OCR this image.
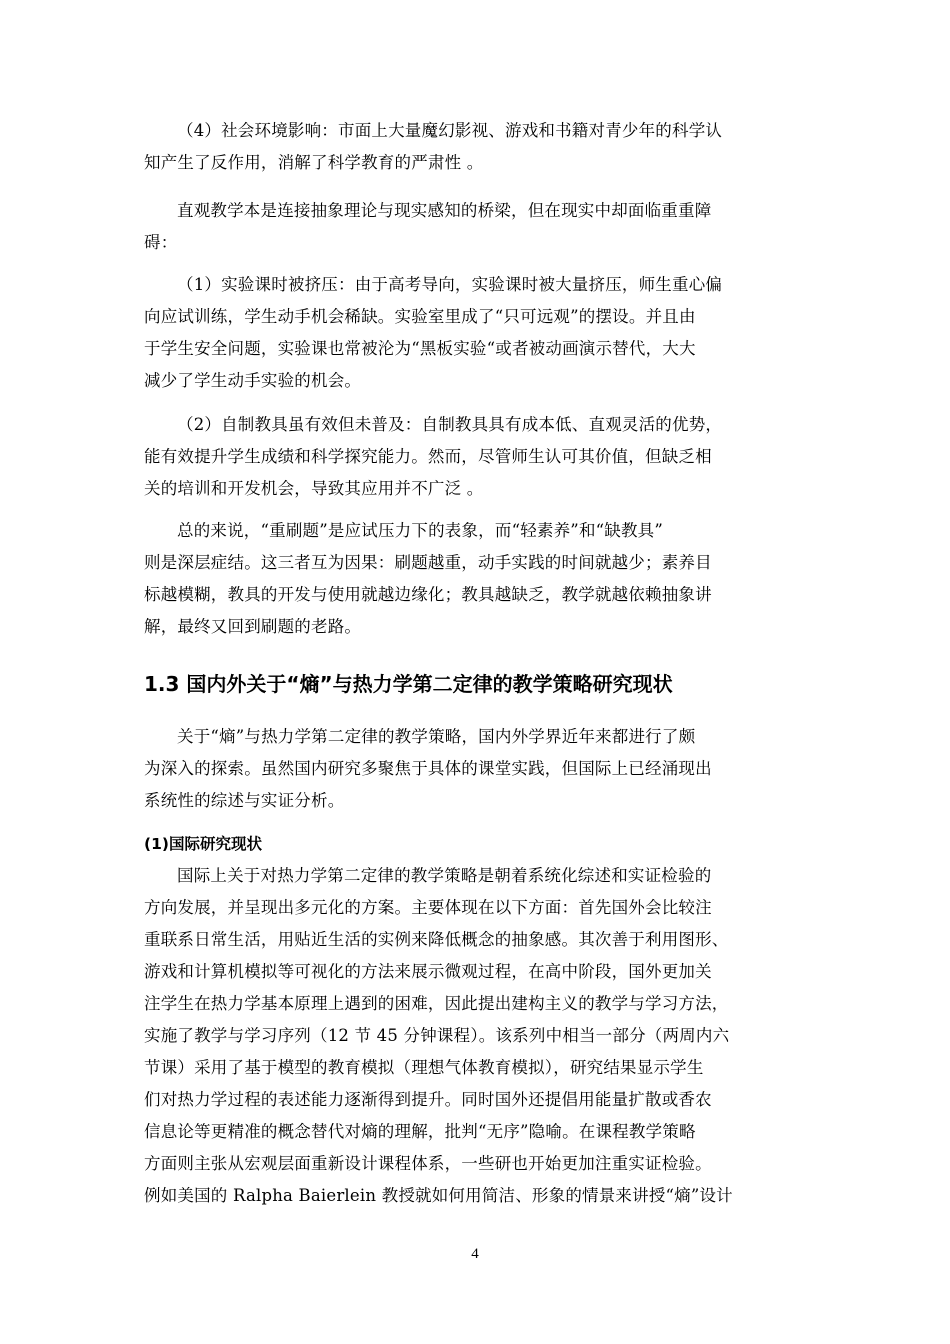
（4）社会环境影响：市面上大量魔幻影视、游戏和书籍对青少年的科学认
知产生了反作用，消解了科学教育的严肃性 。

直观教学本是连接抽象理论与现实感知的桥梁，但在现实中却面临重重障
碍：

（1）实验课时被挤压：由于高考导向，实验课时被大量挤压，师生重心偏
向应试训练，学生动手机会稀缺。实验室里成了“只可远观”的摆设。并且由
于学生安全问题，实验课也常被沦为“黑板实验“或者被动画演示替代，大大
减少了学生动手实验的机会。

（2）自制教具虽有效但未普及：自制教具具有成本低、直观灵活的优势，
能有效提升学生成绩和科学探究能力。然而，尽管师生认可其价值，但缺乏相
关的培训和开发机会，导致其应用并不广泛 。

总的来说，“重刷题”是应试压力下的表象，而“轻素养”和“缺教具”
则是深层症结。这三者互为因果：刷题越重，动手实践的时间就越少；素养目
标越模糊，教具的开发与使用就越边缘化；教具越缺乏，教学就越依赖抽象讲
解，最终又回到刷题的老路。

1.3 国内外关于“熵”与热力学第二定律的教学策略研究现状

关于“熵”与热力学第二定律的教学策略，国内外学界近年来都进行了颇
为深入的探索。虽然国内研究多聚焦于具体的课堂实践，但国际上已经涌现出
系统性的综述与实证分析。

(1)国际研究现状

国际上关于对热力学第二定律的教学策略是朝着系统化综述和实证检验的
方向发展，并呈现出多元化的方案。主要体现在以下方面：首先国外会比较注
重联系日常生活，用贴近生活的实例来降低概念的抽象感。其次善于利用图形、
游戏和计算机模拟等可视化的方法来展示微观过程，在高中阶段，国外更加关
注学生在热力学基本原理上遇到的困难，因此提出建构主义的教学与学习方法，
实施了教学与学习序列（12 节 45 分钟课程）。该系列中相当一部分（两周内六
节课）采用了基于模型的教育模拟（理想气体教育模拟），研究结果显示学生
们对热力学过程的表述能力逐渐得到提升。同时国外还提倡用能量扩散或香农
信息论等更精准的概念替代对熵的理解，批判“无序”隐喻。在课程教学策略
方面则主张从宏观层面重新设计课程体系，一些研也开始更加注重实证检验。
例如美国的 Ralpha Baierlein 教授就如何用简洁、形象的情景来讲授“熵”设计

4
